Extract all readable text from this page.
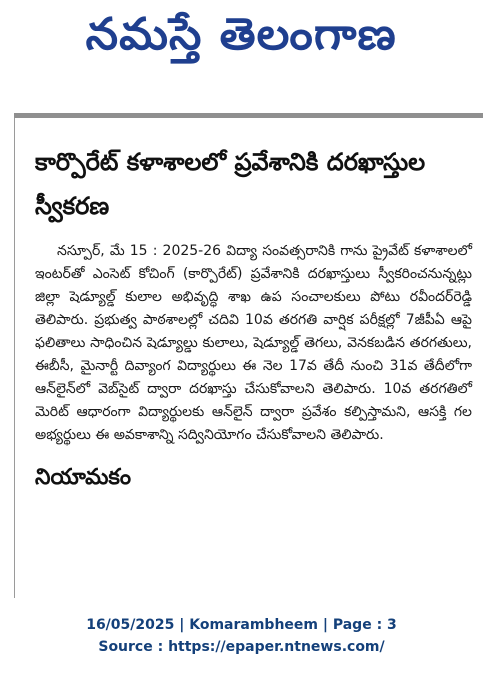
నమస్తే తెలంగాణ
కార్పొరేట్ కళాశాలలో ప్రవేశానికి దరఖాస్తుల స్వీకరణ

నస్పూర్, మే 15 : 2025-26 విద్యా సంవత్సరానికి గాను ప్రైవేట్ కళాశాలలో ఇంటర్‌తో ఎంసెట్ కోచింగ్ (కార్పొరేట్) ప్రవేశానికి దరఖాస్తులు స్వీకరించనున్నట్లు జిల్లా షెడ్యూల్డ్ కులాల అభివృద్ధి శాఖ ఉప సంచాలకులు పోటు రవీందర్‌రెడ్డి తెలిపారు. ప్రభుత్వ పాఠశాలల్లో చదివి 10వ తరగతి వార్షిక పరీక్షల్లో 7జీపీఏ ఆపై ఫలితాలు సాధించిన షెడ్యూల్డు కులాలు, షెడ్యూల్డ్ తెగలు, వెనకబడిన తరగతులు, ఈబీసీ, మైనార్టీ దివ్యాంగ విద్యార్థులు ఈ నెల 17వ తేదీ నుంచి 31వ తేదీలోగా ఆన్‌లైన్‌లో వెబ్‌సైట్ ద్వారా దరఖాస్తు చేసుకోవాలని తెలిపారు. 10వ తరగతిలో మెరిట్ ఆధారంగా విద్యార్థులకు ఆన్‌లైన్ ద్వారా ప్రవేశం కల్పిస్తామని, ఆసక్తి గల అభ్యర్థులు ఈ అవకాశాన్ని సద్వినియోగం చేసుకోవాలని తెలిపారు.

నియామకం
16/05/2025 | Komarambheem | Page : 3
Source : https://epaper.ntnews.com/
